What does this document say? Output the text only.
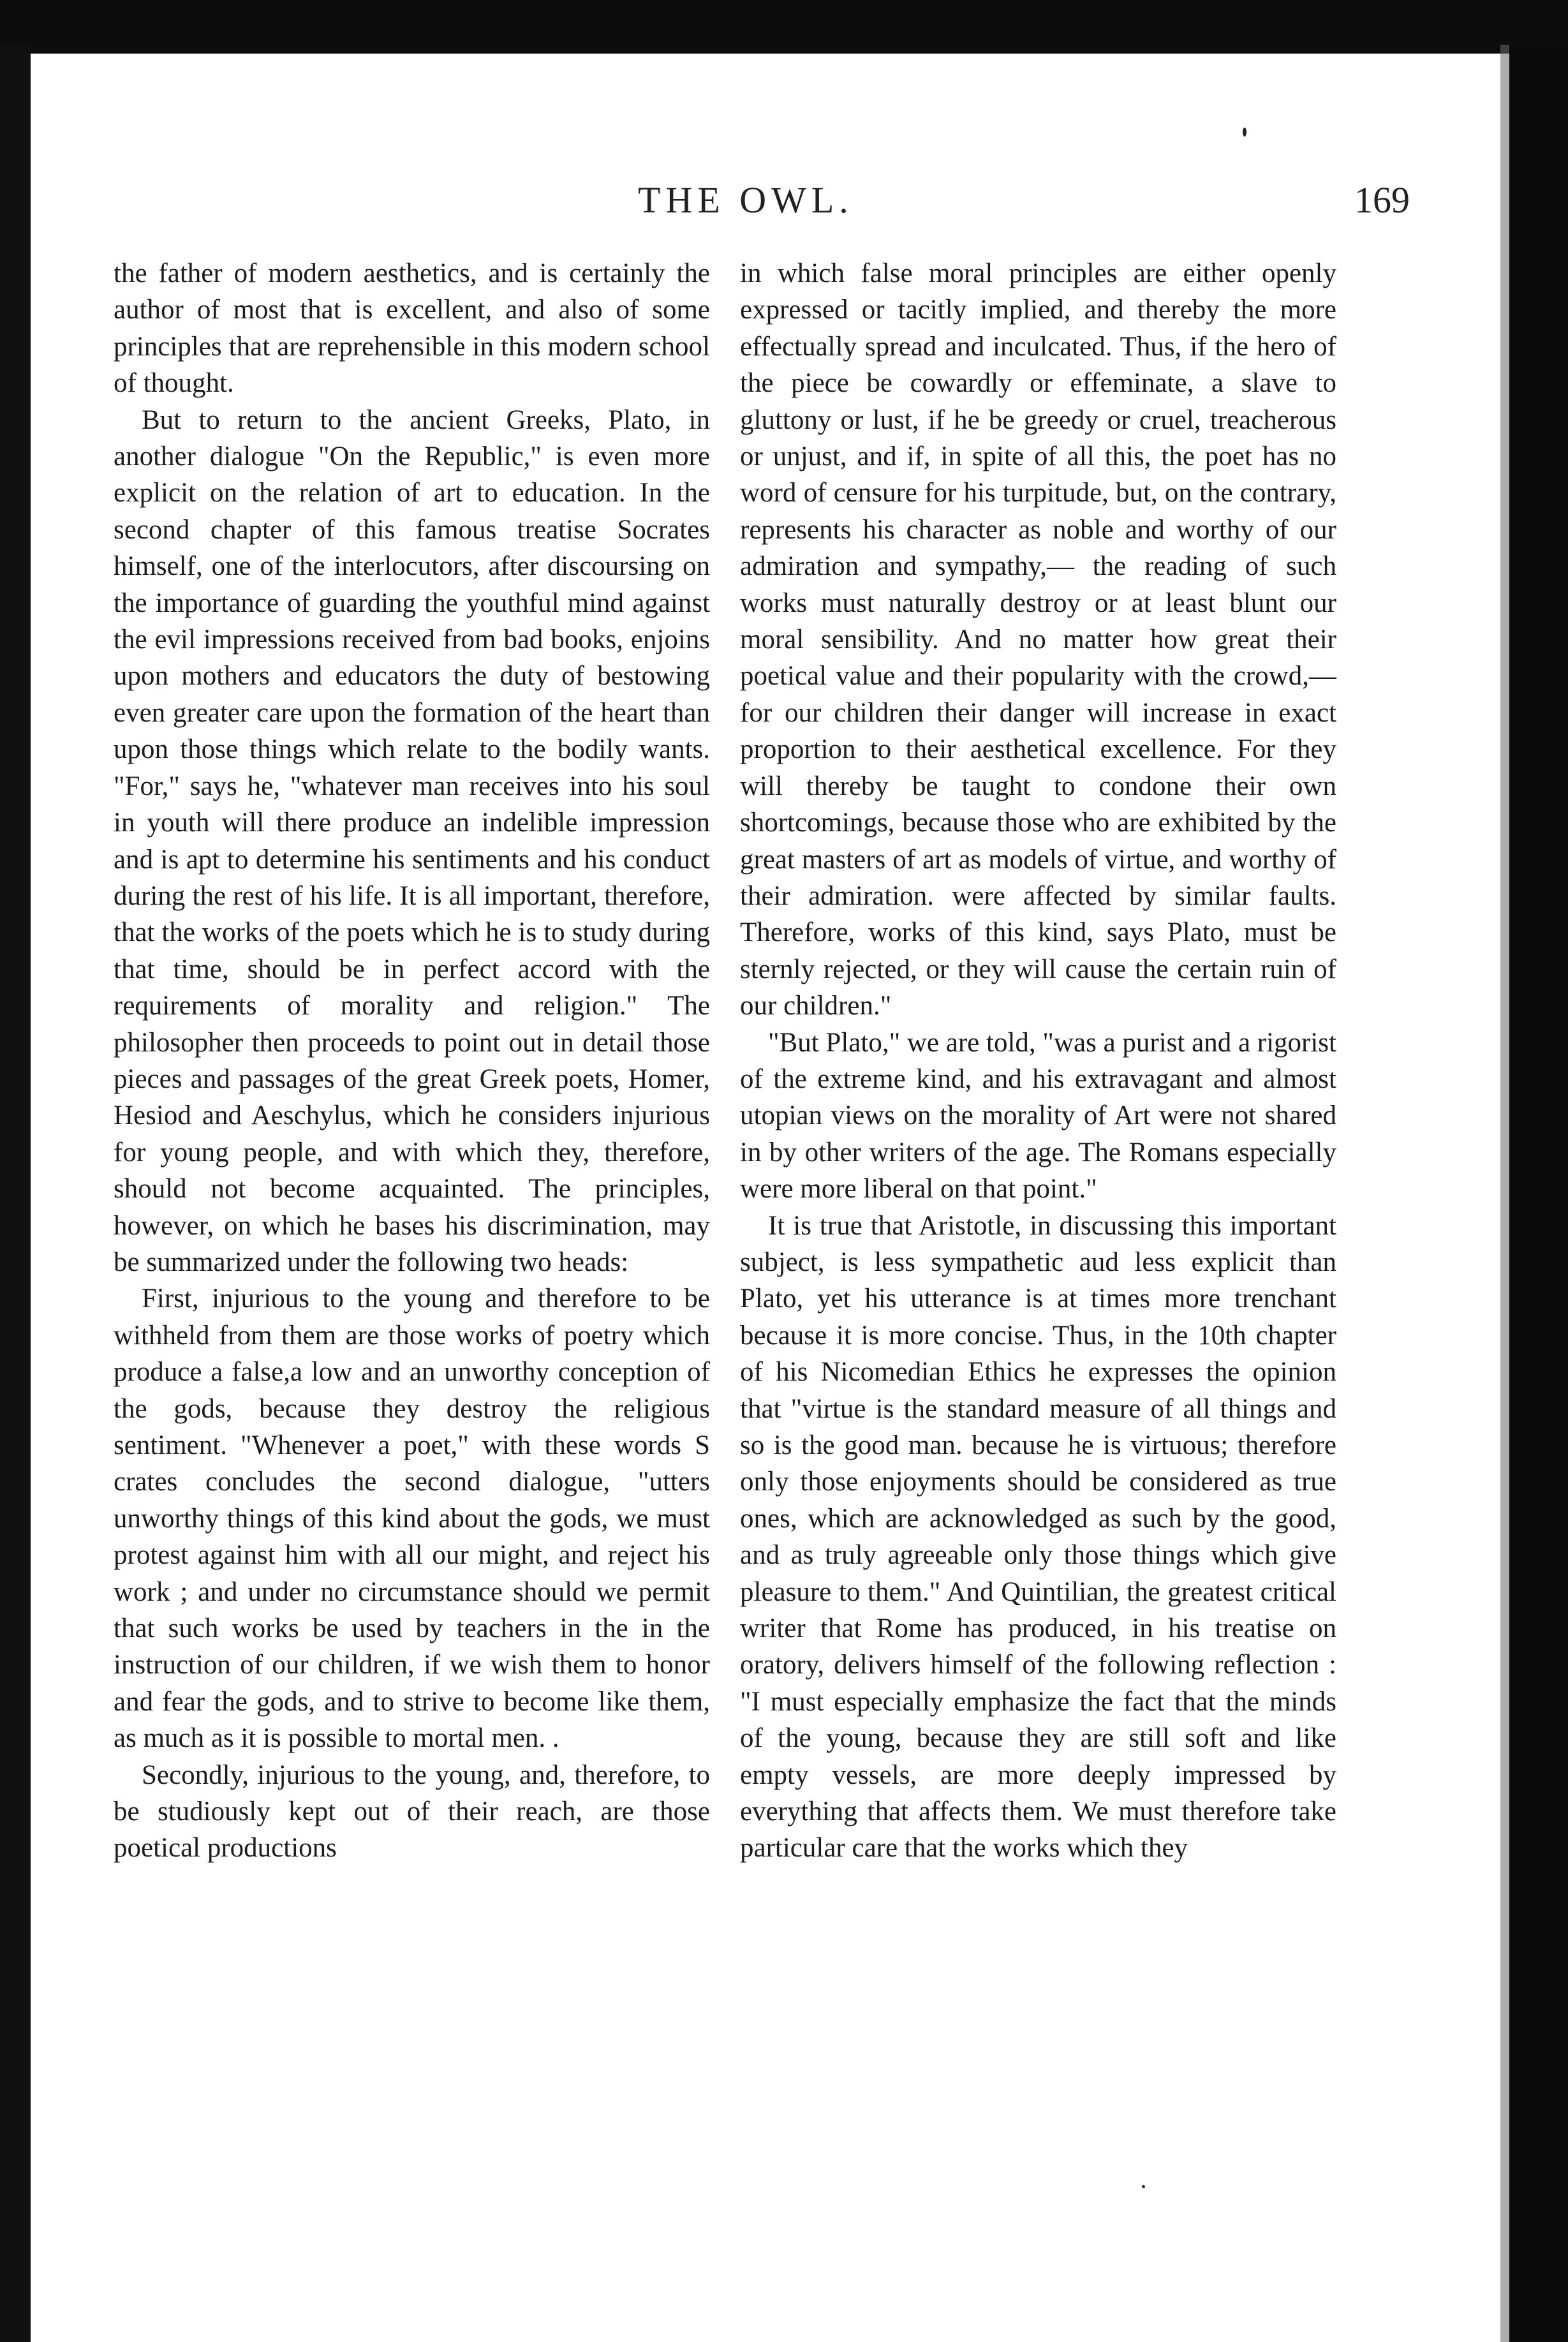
THE OWL.	169

the father of modern aesthetics, and is certainly the author of most that is excellent, and also of some principles that are reprehensible in this modern school of thought.

But to return to the ancient Greeks, Plato, in another dialogue "On the Republic," is even more explicit on the relation of art to education. In the second chapter of this famous treatise Socrates himself, one of the interlocutors, after discoursing on the importance of guarding the youthful mind against the evil impressions received from bad books, enjoins upon mothers and educators the duty of bestowing even greater care upon the formation of the heart than upon those things which relate to the bodily wants. "For," says he, "whatever man receives into his soul in youth will there produce an indelible impression and is apt to determine his sentiments and his conduct during the rest of his life. It is all important, therefore, that the works of the poets which he is to study during that time, should be in perfect accord with the requirements of morality and religion." The philosopher then proceeds to point out in detail those pieces and passages of the great Greek poets, Homer, Hesiod and Aeschylus, which he considers injurious for young people, and with which they, therefore, should not become acquainted. The principles, however, on which he bases his discrimination, may be summarized under the following two heads:

First, injurious to the young and therefore to be withheld from them are those works of poetry which produce a false,a low and an unworthy conception of the gods, because they destroy the religious sentiment. "Whenever a poet," with these words S crates concludes the second dialogue, "utters unworthy things of this kind about the gods, we must protest against him with all our might, and reject his work ; and under no circumstance should we permit that such works be used by teachers in the in the instruction of our children, if we wish them to honor and fear the gods, and to strive to become like them, as much as it is possible to mortal men. .

Secondly, injurious to the young, and, therefore, to be studiously kept out of their reach, are those poetical productions

in which false moral principles are either openly expressed or tacitly implied, and thereby the more effectually spread and inculcated. Thus, if the hero of the piece be cowardly or effeminate, a slave to gluttony or lust, if he be greedy or cruel, treacherous or unjust, and if, in spite of all this, the poet has no word of censure for his turpitude, but, on the contrary, represents his character as noble and worthy of our admiration and sympathy,— the reading of such works must naturally destroy or at least blunt our moral sensibility. And no matter how great their poetical value and their popularity with the crowd,—for our children their danger will increase in exact proportion to their aesthetical excellence. For they will thereby be taught to condone their own shortcomings, because those who are exhibited by the great masters of art as models of virtue, and worthy of their admiration. were affected by similar faults. Therefore, works of this kind, says Plato, must be sternly rejected, or they will cause the certain ruin of our children."

"But Plato," we are told, "was a purist and a rigorist of the extreme kind, and his extravagant and almost utopian views on the morality of Art were not shared in by other writers of the age. The Romans especially were more liberal on that point."

It is true that Aristotle, in discussing this important subject, is less sympathetic aud less explicit than Plato, yet his utterance is at times more trenchant because it is more concise. Thus, in the 10th chapter of his Nicomedian Ethics he expresses the opinion that "virtue is the standard measure of all things and so is the good man. because he is virtuous; therefore only those enjoyments should be considered as true ones, which are acknowledged as such by the good, and as truly agreeable only those things which give pleasure to them." And Quintilian, the greatest critical writer that Rome has produced, in his treatise on oratory, delivers himself of the following reflection : "I must especially emphasize the fact that the minds of the young, because they are still soft and like empty vessels, are more deeply impressed by everything that affects them. We must therefore take particular care that the works which they
